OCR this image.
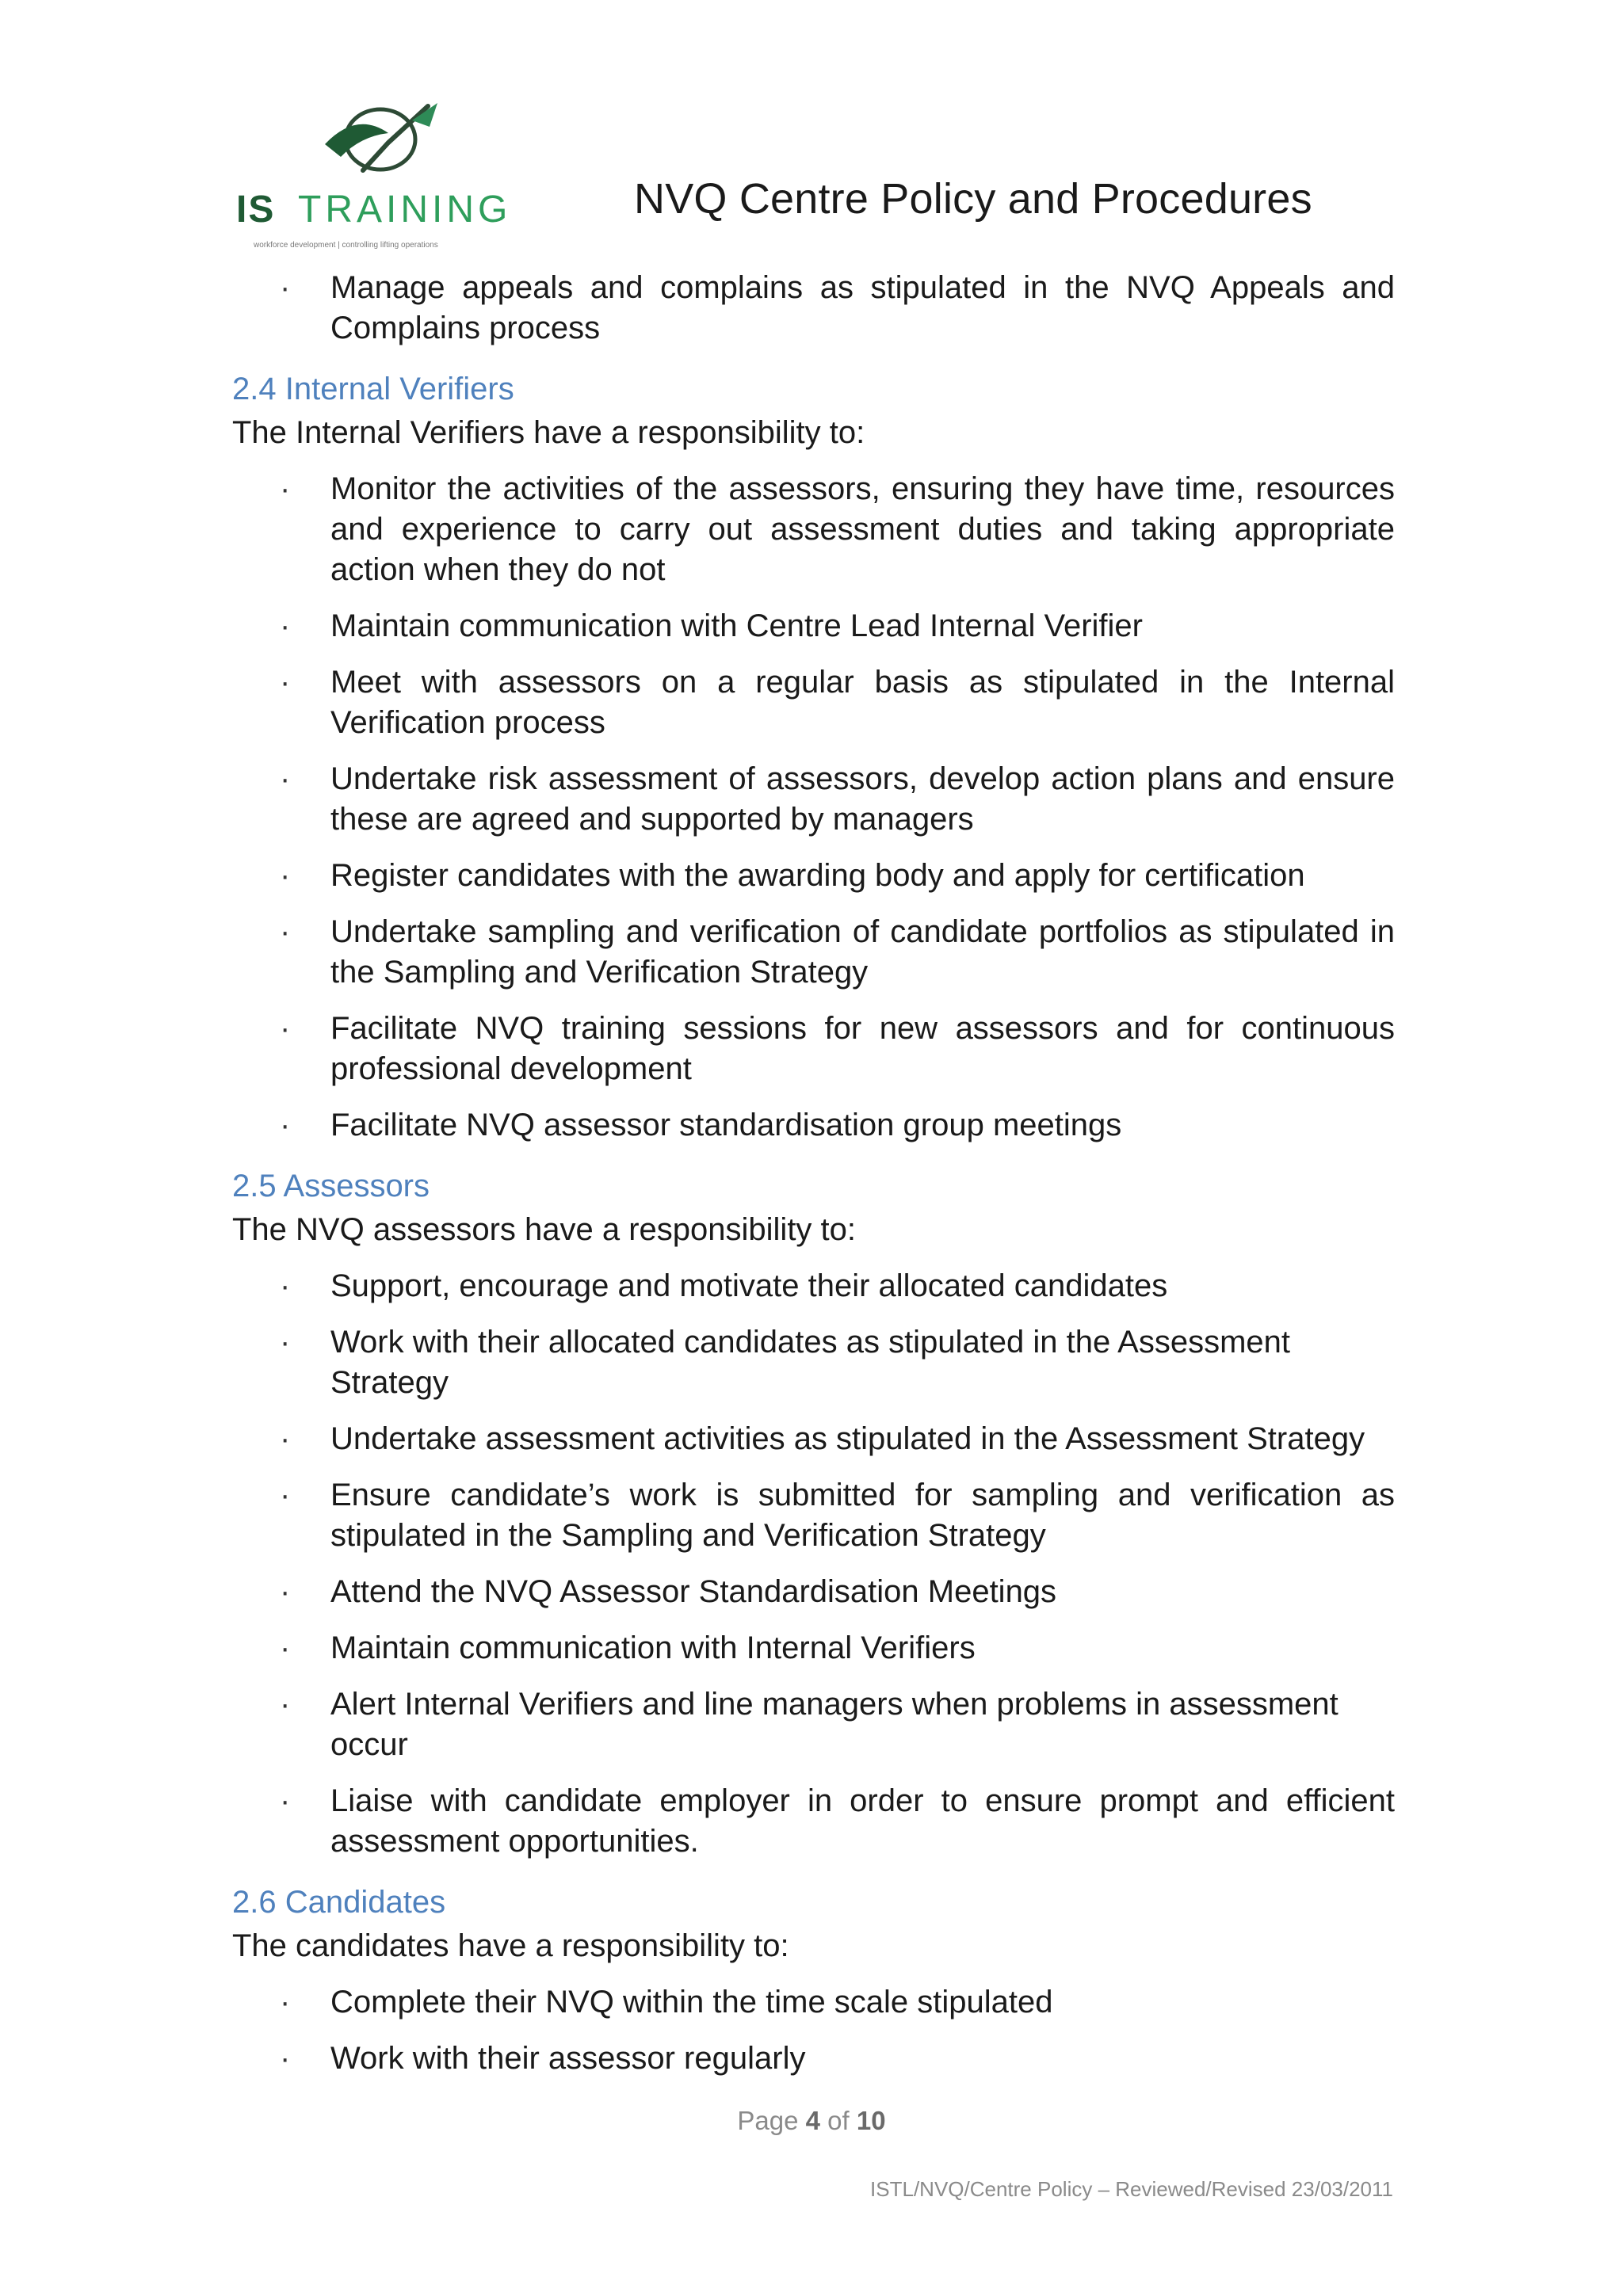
IS TRAINING
workforce development | controlling lifting operations
NVQ Centre Policy and Procedures
· Manage appeals and complains as stipulated in the NVQ Appeals and Complains process
2.4 Internal Verifiers
The Internal Verifiers have a responsibility to:
· Monitor the activities of the assessors, ensuring they have time, resources and experience to carry out assessment duties and taking appropriate action when they do not
· Maintain communication with Centre Lead Internal Verifier
· Meet with assessors on a regular basis as stipulated in the Internal Verification process
· Undertake risk assessment of assessors, develop action plans and ensure these are agreed and supported by managers
· Register candidates with the awarding body and apply for certification
· Undertake sampling and verification of candidate portfolios as stipulated in the Sampling and Verification Strategy
· Facilitate NVQ training sessions for new assessors and for continuous professional development
· Facilitate NVQ assessor standardisation group meetings
2.5 Assessors
The NVQ assessors have a responsibility to:
· Support, encourage and motivate their allocated candidates
· Work with their allocated candidates as stipulated in the Assessment Strategy
· Undertake assessment activities as stipulated in the Assessment Strategy
· Ensure candidate’s work is submitted for sampling and verification as stipulated in the Sampling and Verification Strategy
· Attend the NVQ Assessor Standardisation Meetings
· Maintain communication with Internal Verifiers
· Alert Internal Verifiers and line managers when problems in assessment occur
· Liaise with candidate employer in order to ensure prompt and efficient assessment opportunities.
2.6 Candidates
The candidates have a responsibility to:
· Complete their NVQ within the time scale stipulated
· Work with their assessor regularly
Page 4 of 10
ISTL/NVQ/Centre Policy – Reviewed/Revised 23/03/2011
